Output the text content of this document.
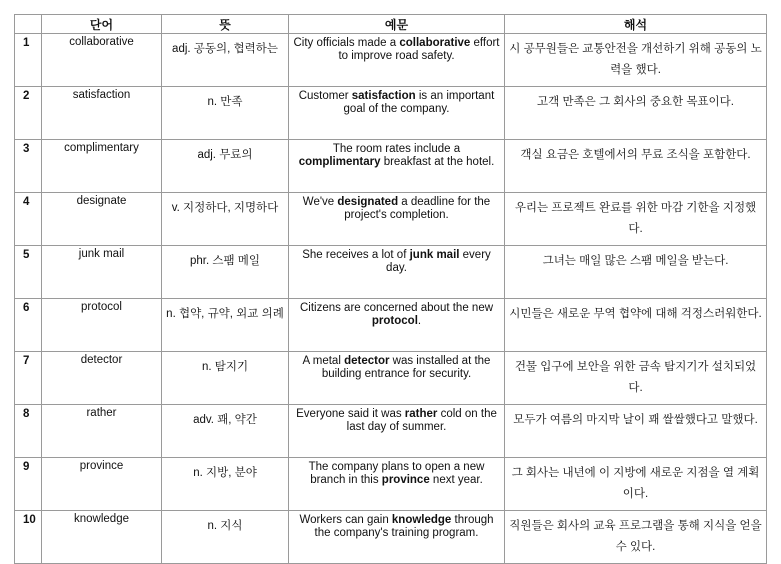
	단어	뜻	예문	해석
1	collaborative	adj. 공동의, 협력하는	City officials made a collaborative effort to improve road safety.	시 공무원들은 교통안전을 개선하기 위해 공동의 노력을 했다.
2	satisfaction	n. 만족	Customer satisfaction is an important goal of the company.	고객 만족은 그 회사의 중요한 목표이다.
3	complimentary	adj. 무료의	The room rates include a complimentary breakfast at the hotel.	객실 요금은 호텔에서의 무료 조식을 포함한다.
4	designate	v. 지정하다, 지명하다	We've designated a deadline for the project's completion.	우리는 프로젝트 완료를 위한 마감 기한을 지정했다.
5	junk mail	phr. 스팸 메일	She receives a lot of junk mail every day.	그녀는 매일 많은 스팸 메일을 받는다.
6	protocol	n. 협약, 규약, 외교 의례	Citizens are concerned about the new protocol.	시민들은 새로운 무역 협약에 대해 걱정스러워한다.
7	detector	n. 탐지기	A metal detector was installed at the building entrance for security.	건물 입구에 보안을 위한 금속 탐지기가 설치되었다.
8	rather	adv. 꽤, 약간	Everyone said it was rather cold on the last day of summer.	모두가 여름의 마지막 날이 꽤 쌀쌀했다고 말했다.
9	province	n. 지방, 분야	The company plans to open a new branch in this province next year.	그 회사는 내년에 이 지방에 새로운 지점을 열 계획이다.
10	knowledge	n. 지식	Workers can gain knowledge through the company's training program.	직원들은 회사의 교육 프로그램을 통해 지식을 얻을 수 있다.
